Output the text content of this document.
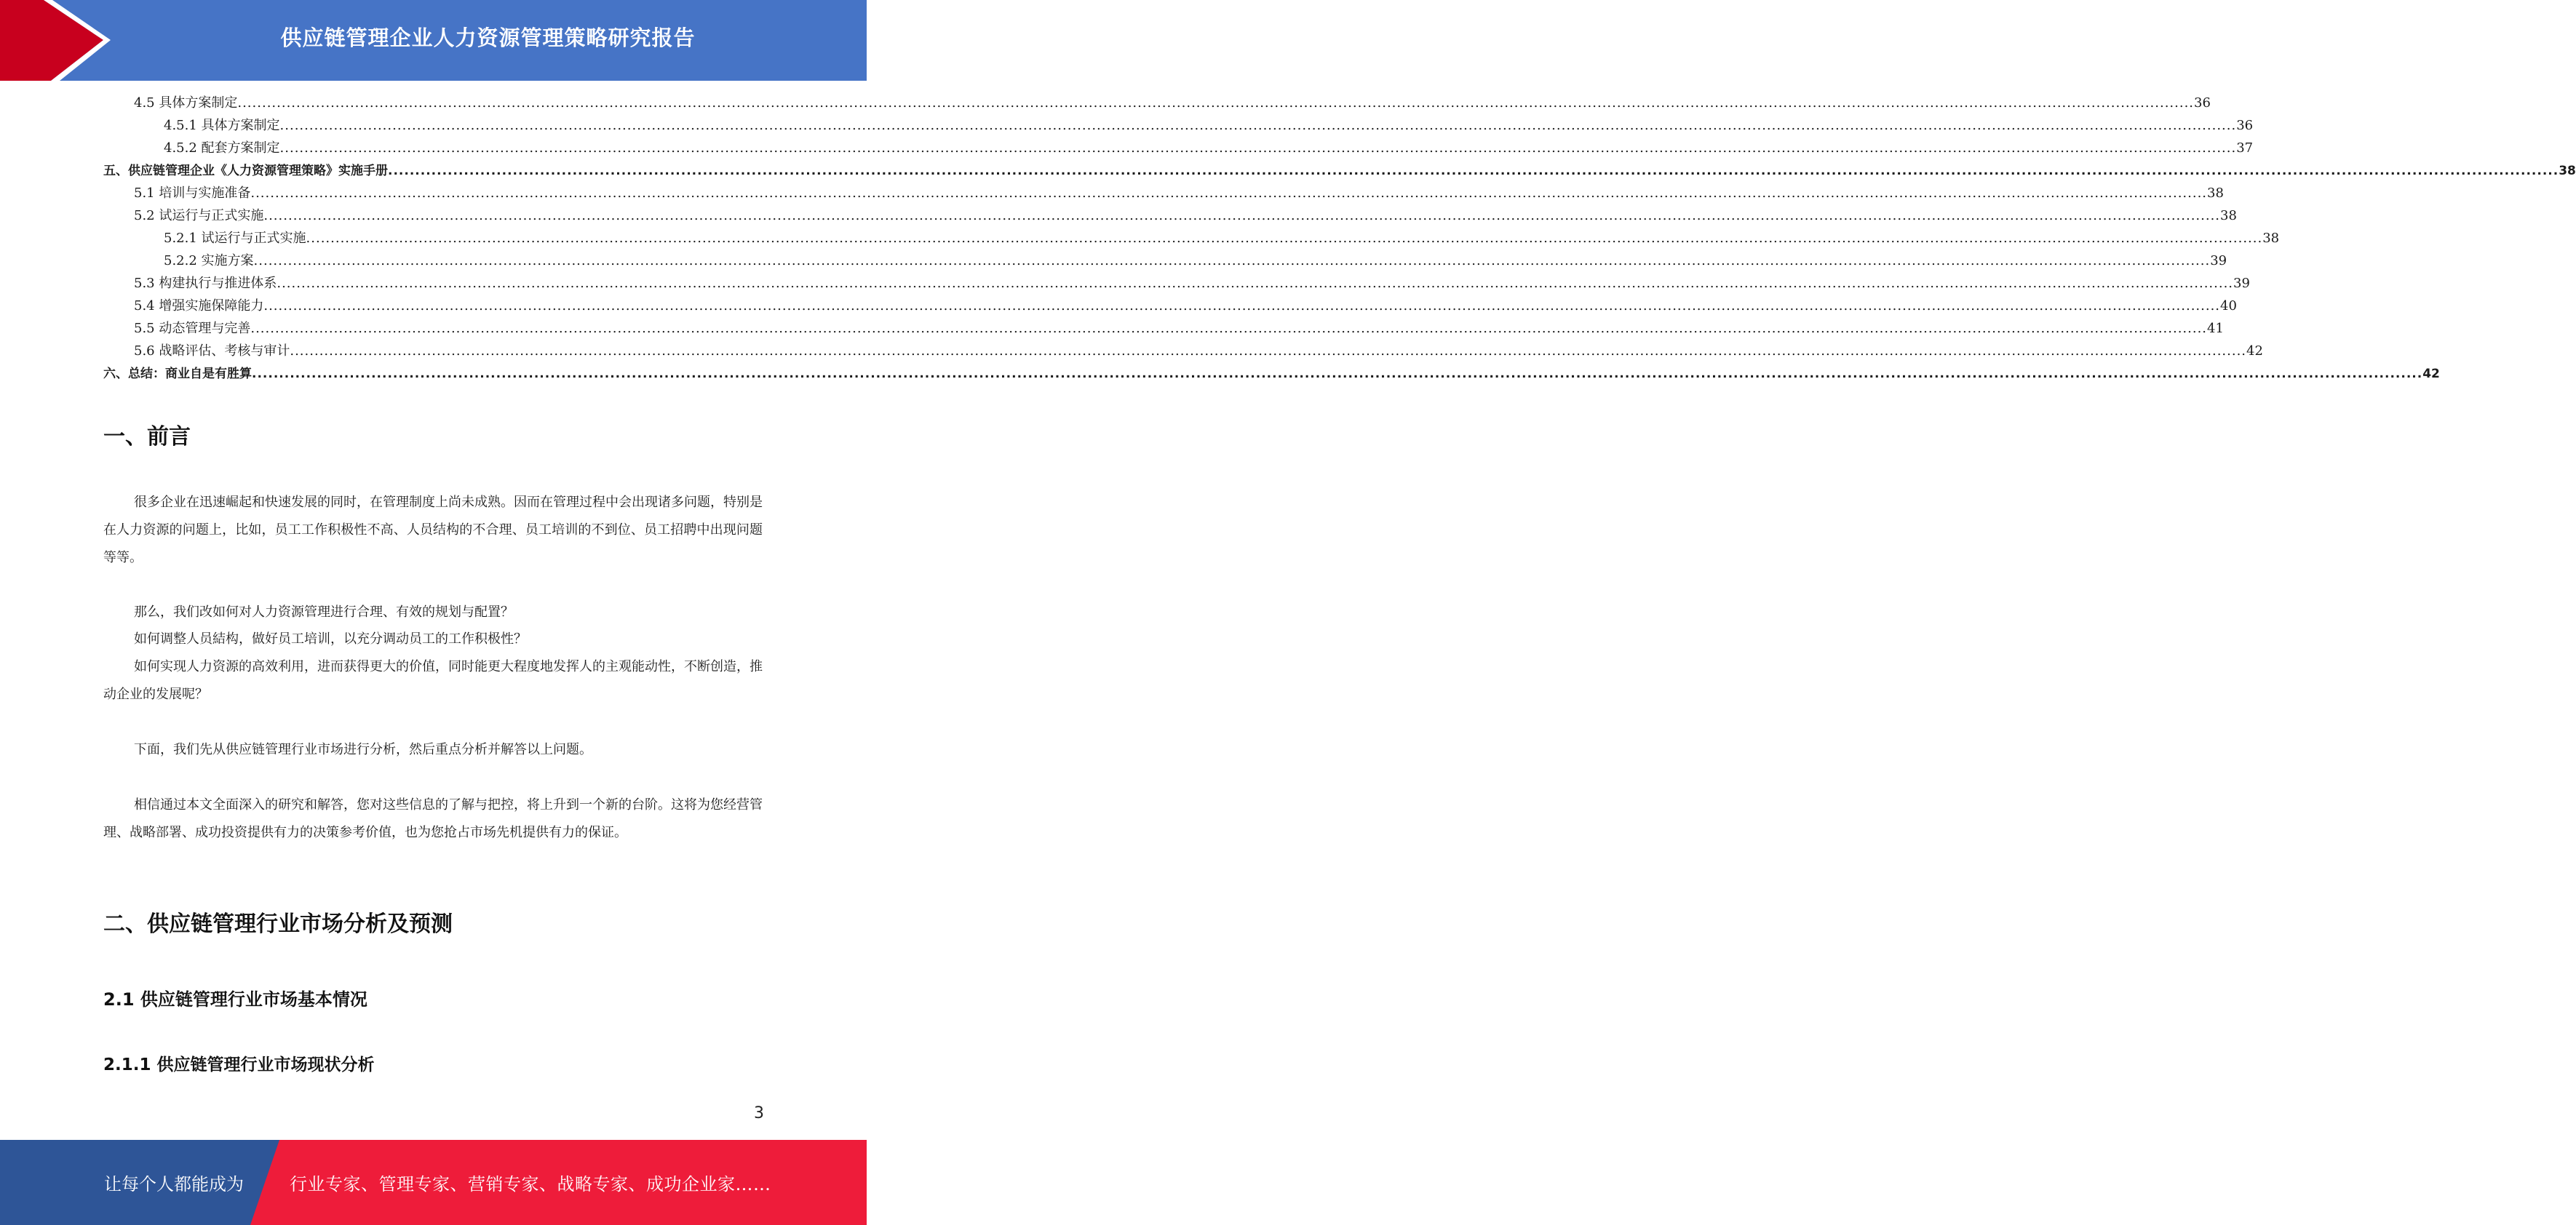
供应链管理企业人力资源管理策略研究报告
4.5 具体方案制定 ................................................................................................................................................................................................................................................................................................................................................................................................................ 36
4.5.1 具体方案制定 ................................................................................................................................................................................................................................................................................................................................................................................................................ 36
4.5.2 配套方案制定 ................................................................................................................................................................................................................................................................................................................................................................................................................ 37
五、供应链管理企业《人力资源管理策略》实施手册 ................................................................................................................................................................................................................................................................................................................................................................................................................ 38
5.1 培训与实施准备 ................................................................................................................................................................................................................................................................................................................................................................................................................ 38
5.2 试运行与正式实施 ................................................................................................................................................................................................................................................................................................................................................................................................................ 38
5.2.1 试运行与正式实施 ................................................................................................................................................................................................................................................................................................................................................................................................................ 38
5.2.2 实施方案 ................................................................................................................................................................................................................................................................................................................................................................................................................ 39
5.3 构建执行与推进体系 ................................................................................................................................................................................................................................................................................................................................................................................................................ 39
5.4 增强实施保障能力 ................................................................................................................................................................................................................................................................................................................................................................................................................ 40
5.5 动态管理与完善 ................................................................................................................................................................................................................................................................................................................................................................................................................ 41
5.6 战略评估、考核与审计 ................................................................................................................................................................................................................................................................................................................................................................................................................ 42
六、总结：商业自是有胜算 ................................................................................................................................................................................................................................................................................................................................................................................................................ 42
一、前言

很多企业在迅速崛起和快速发展的同时，在管理制度上尚未成熟。因而在管理过程中会出现诸多问题，特别是在人力资源的问题上，比如，员工工作积极性不高、人员结构的不合理、员工培训的不到位、员工招聘中出现问题等等。

那么，我们改如何对人力资源管理进行合理、有效的规划与配置？

如何调整人员結构，做好员工培训，以充分调动员工的工作积极性？

如何实现人力资源的高效利用，进而获得更大的价值，同时能更大程度地发挥人的主观能动性，不断创造，推动企业的发展呢？

下面，我们先从供应链管理行业市场进行分析，然后重点分析并解答以上问题。

相信通过本文全面深入的研究和解答，您对这些信息的了解与把控，将上升到一个新的台阶。这将为您经营管理、战略部署、成功投资提供有力的决策参考价值，也为您抢占市场先机提供有力的保证。

二、供应链管理行业市场分析及预测
2.1 供应链管理行业市场基本情况
2.1.1 供应链管理行业市场现状分析
3
让每个人都能成为	行业专家、管理专家、营销专家、战略专家、成功企业家……
